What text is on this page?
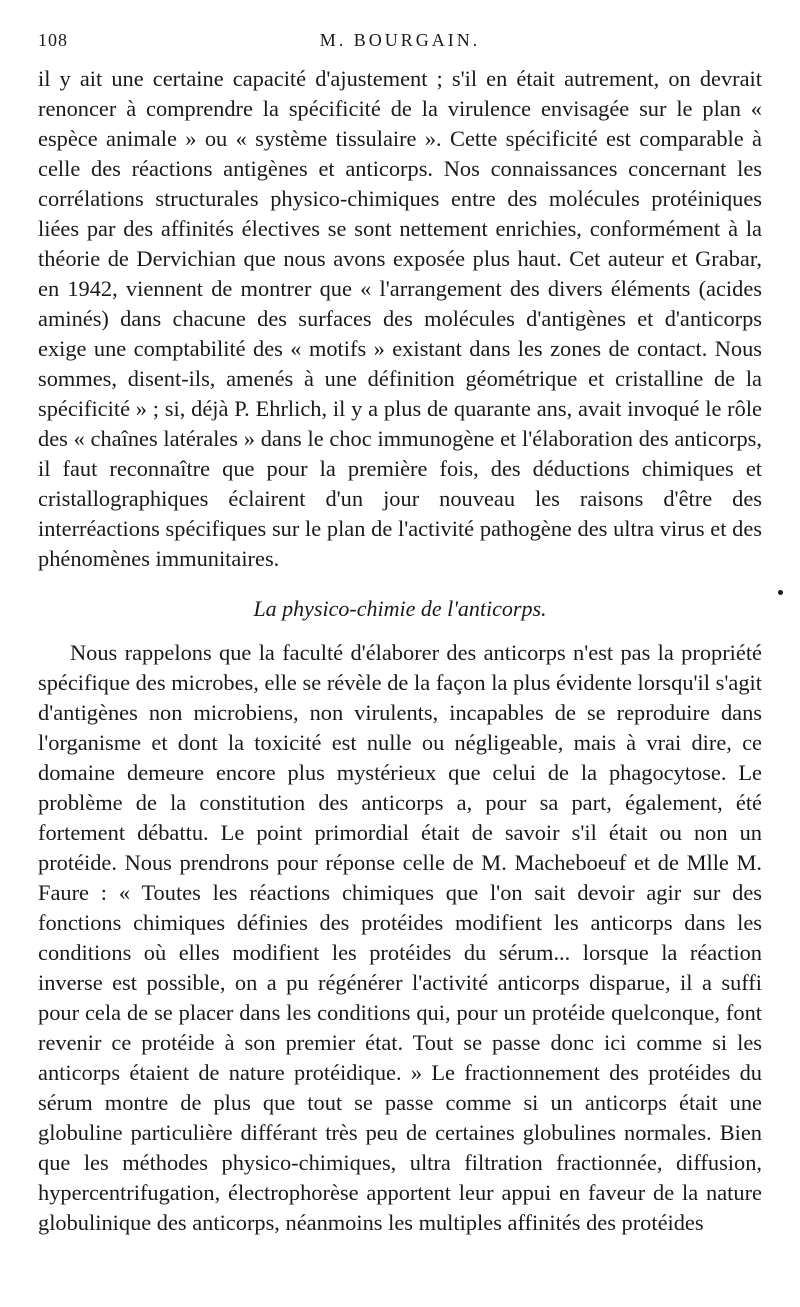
108	M. BOURGAIN.

il y ait une certaine capacité d'ajustement ; s'il en était autrement, on devrait renoncer à comprendre la spécificité de la virulence envisagée sur le plan « espèce animale » ou « système tissulaire ». Cette spécificité est comparable à celle des réactions antigènes et anticorps. Nos connaissances concernant les corrélations structurales physico-chimiques entre des molécules protéiniques liées par des affinités électives se sont nettement enrichies, conformément à la théorie de Dervichian que nous avons exposée plus haut. Cet auteur et Grabar, en 1942, viennent de montrer que « l'arrangement des divers éléments (acides aminés) dans chacune des surfaces des molécules d'antigènes et d'anticorps exige une comptabilité des « motifs » existant dans les zones de contact. Nous sommes, disent-ils, amenés à une définition géométrique et cristalline de la spécificité » ; si, déjà P. Ehrlich, il y a plus de quarante ans, avait invoqué le rôle des « chaînes latérales » dans le choc immunogène et l'élaboration des anticorps, il faut reconnaître que pour la première fois, des déductions chimiques et cristallographiques éclairent d'un jour nouveau les raisons d'être des interréactions spécifiques sur le plan de l'activité pathogène des ultra virus et des phénomènes immunitaires.

La physico-chimie de l'anticorps.

Nous rappelons que la faculté d'élaborer des anticorps n'est pas la propriété spécifique des microbes, elle se révèle de la façon la plus évidente lorsqu'il s'agit d'antigènes non microbiens, non virulents, incapables de se reproduire dans l'organisme et dont la toxicité est nulle ou négligeable, mais à vrai dire, ce domaine demeure encore plus mystérieux que celui de la phagocytose. Le problème de la constitution des anticorps a, pour sa part, également, été fortement débattu. Le point primordial était de savoir s'il était ou non un protéide. Nous prendrons pour réponse celle de M. Macheboeuf et de Mlle M. Faure : « Toutes les réactions chimiques que l'on sait devoir agir sur des fonctions chimiques définies des protéides modifient les anticorps dans les conditions où elles modifient les protéides du sérum... lorsque la réaction inverse est possible, on a pu régénérer l'activité anticorps disparue, il a suffi pour cela de se placer dans les conditions qui, pour un protéide quelconque, font revenir ce protéide à son premier état. Tout se passe donc ici comme si les anticorps étaient de nature protéidique. » Le fractionnement des protéides du sérum montre de plus que tout se passe comme si un anticorps était une globuline particulière différant très peu de certaines globulines normales. Bien que les méthodes physico-chimiques, ultra filtration fractionnée, diffusion, hypercentrifugation, électrophorèse apportent leur appui en faveur de la nature globulinique des anticorps, néanmoins les multiples affinités des protéides
